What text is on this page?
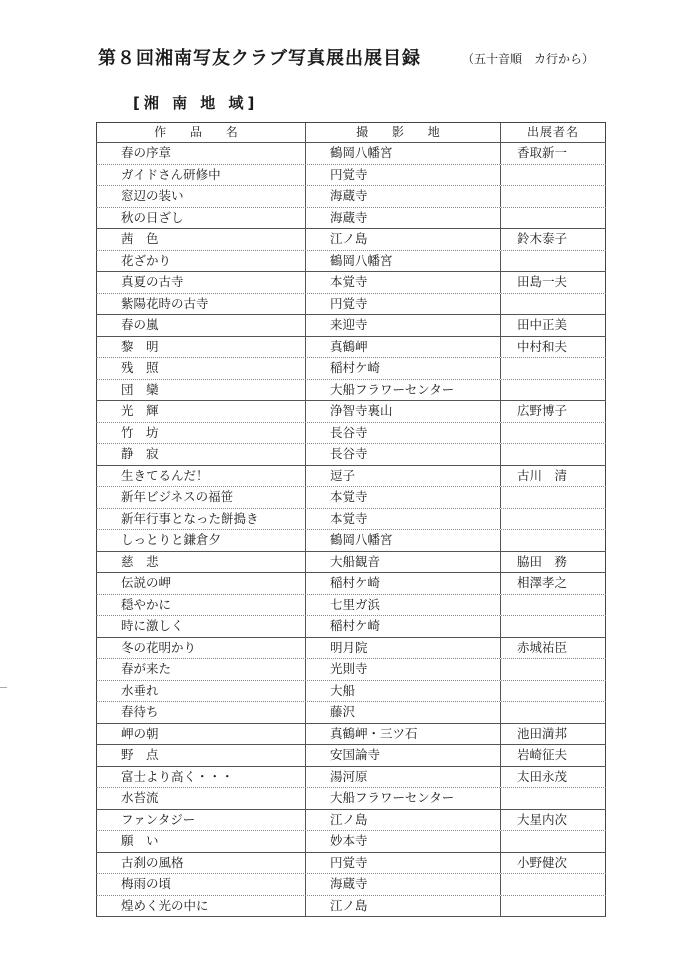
第８回湘南写友クラブ写真展出展目録	（五十音順　カ行から）
[湘 南 地 域]
作 品 名	撮 影 地	出展者名
春の序章	鶴岡八幡宮	香取新一
ガイドさん研修中	円覚寺
窓辺の装い	海蔵寺
秋の日ざし	海蔵寺
茜　色	江ノ島	鈴木泰子
花ざかり	鶴岡八幡宮
真夏の古寺	本覚寺	田島一夫
紫陽花時の古寺	円覚寺
春の嵐	来迎寺	田中正美
黎　明	真鶴岬	中村和夫
残　照	稲村ケ崎
団　欒	大船フラワーセンター
光　輝	浄智寺裏山	広野博子
竹　坊	長谷寺
静　寂	長谷寺
生きてるんだ！	逗子	古川　清
新年ビジネスの福笹	本覚寺
新年行事となった餅搗き	本覚寺
しっとりと鎌倉夕	鶴岡八幡宮
慈　悲	大船観音	脇田　務
伝説の岬	稲村ケ崎	相澤孝之
穏やかに	七里ガ浜
時に激しく	稲村ケ崎
冬の花明かり	明月院	赤城祐臣
春が来た	光則寺
水垂れ	大船
春待ち	藤沢
岬の朝	真鶴岬・三ツ石	池田満邦
野　点	安国論寺	岩崎征夫
富士より高く・・・	湯河原	太田永茂
水苔流	大船フラワーセンター
ファンタジー	江ノ島	大星内次
願　い	妙本寺
古刹の風格	円覚寺	小野健次
梅雨の頃	海蔵寺
煌めく光の中に	江ノ島
